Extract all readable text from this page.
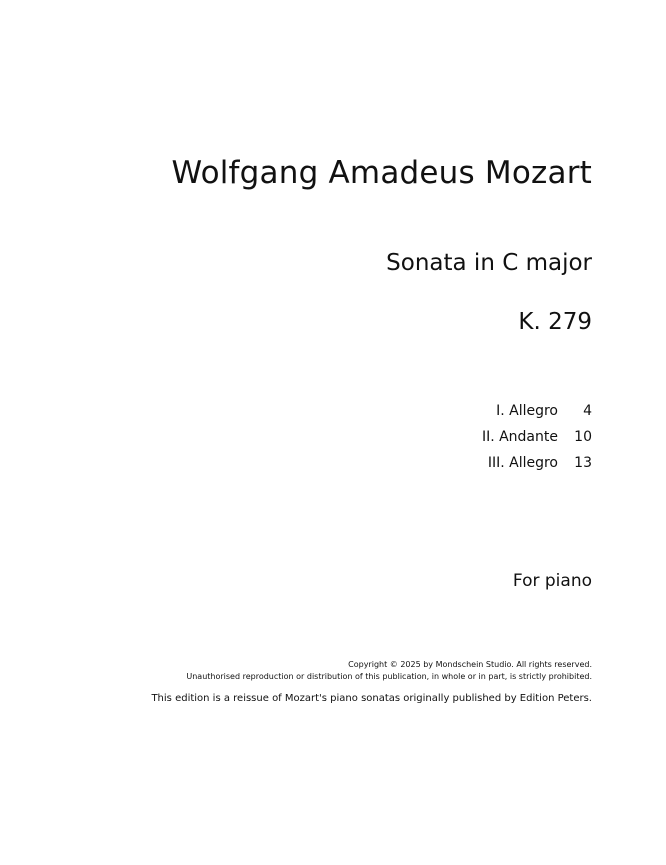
Wolfgang Amadeus Mozart
Sonata in C major
K. 279
I. Allegro	4
II. Andante	10
III. Allegro	13
For piano
Copyright © 2025 by Mondschein Studio. All rights reserved.
Unauthorised reproduction or distribution of this publication, in whole or in part, is strictly prohibited.
This edition is a reissue of Mozart's piano sonatas originally published by Edition Peters.
